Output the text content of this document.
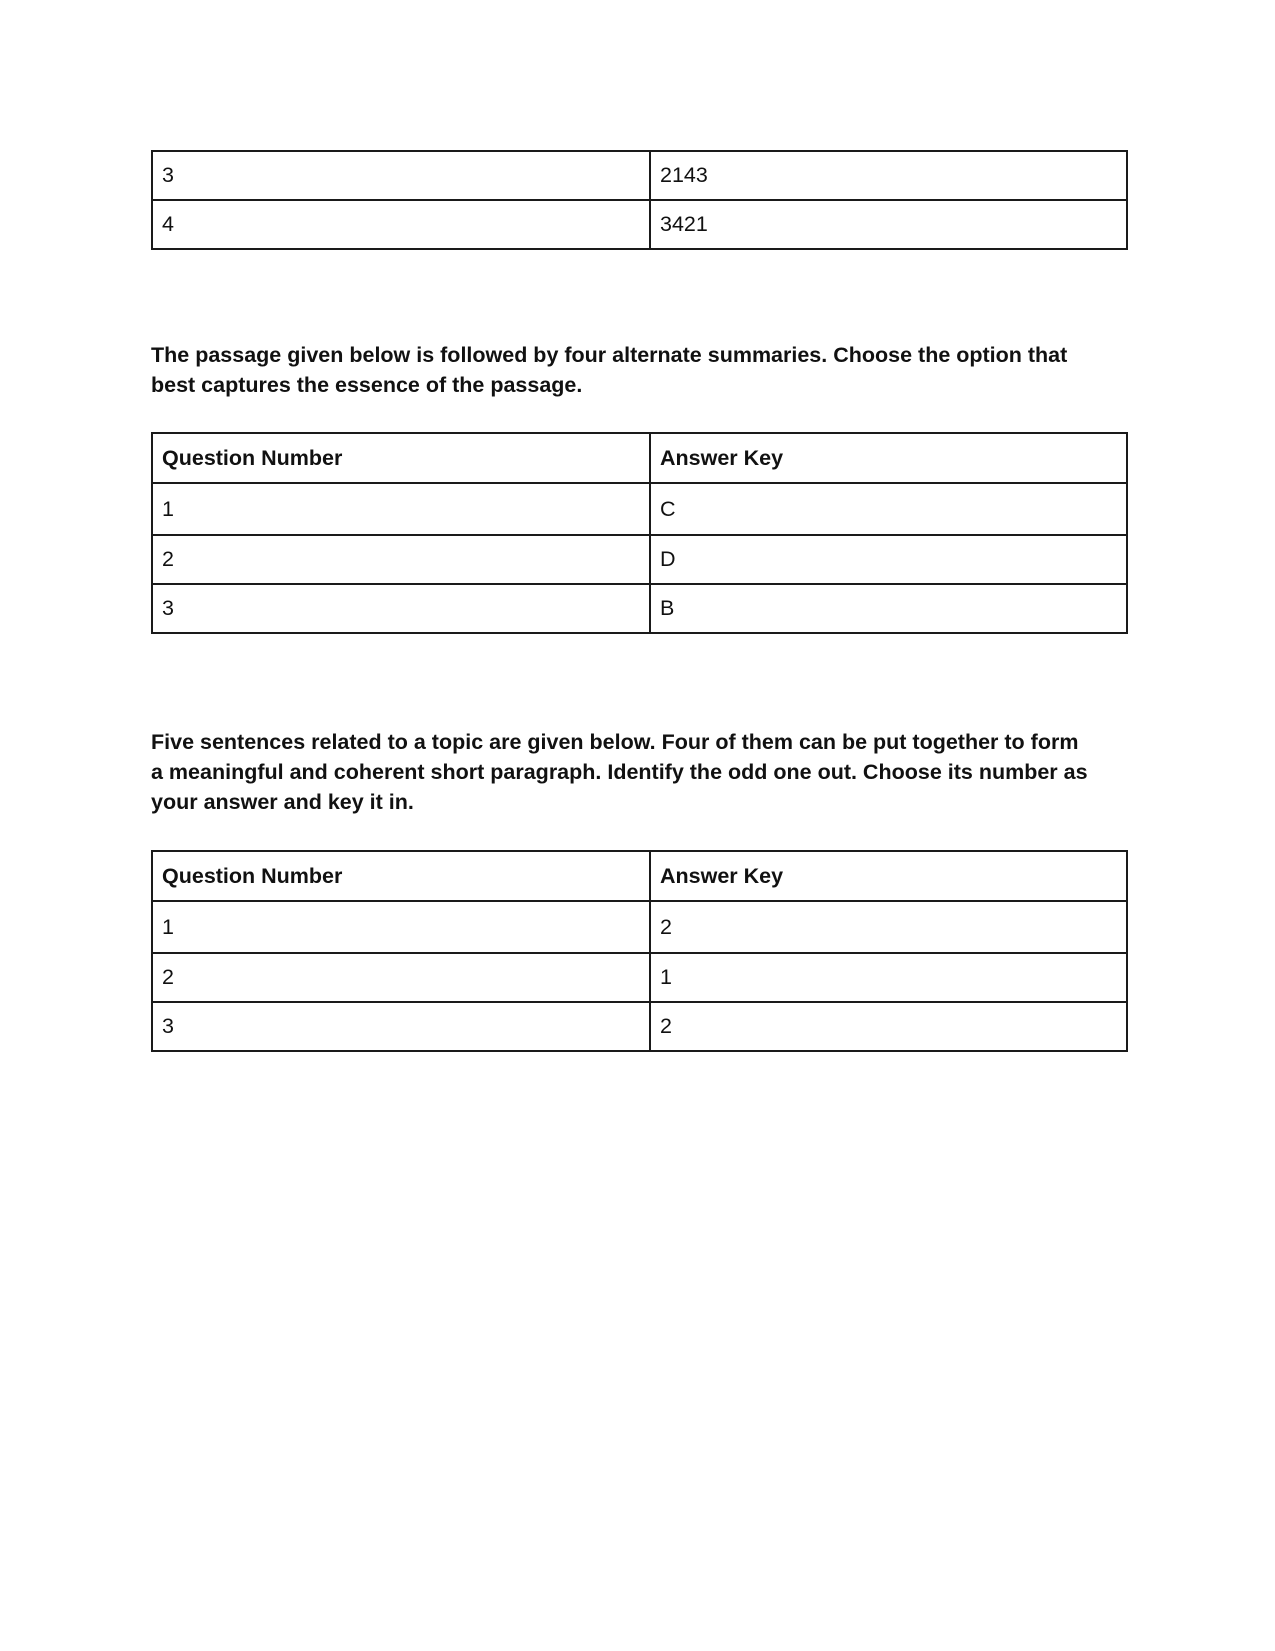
3	2143
4	3421

The passage given below is followed by four alternate summaries. Choose the option that best captures the essence of the passage.

Question Number	Answer Key
1	C
2	D
3	B

Five sentences related to a topic are given below. Four of them can be put together to form a meaningful and coherent short paragraph. Identify the odd one out. Choose its number as your answer and key it in.

Question Number	Answer Key
1	2
2	1
3	2
